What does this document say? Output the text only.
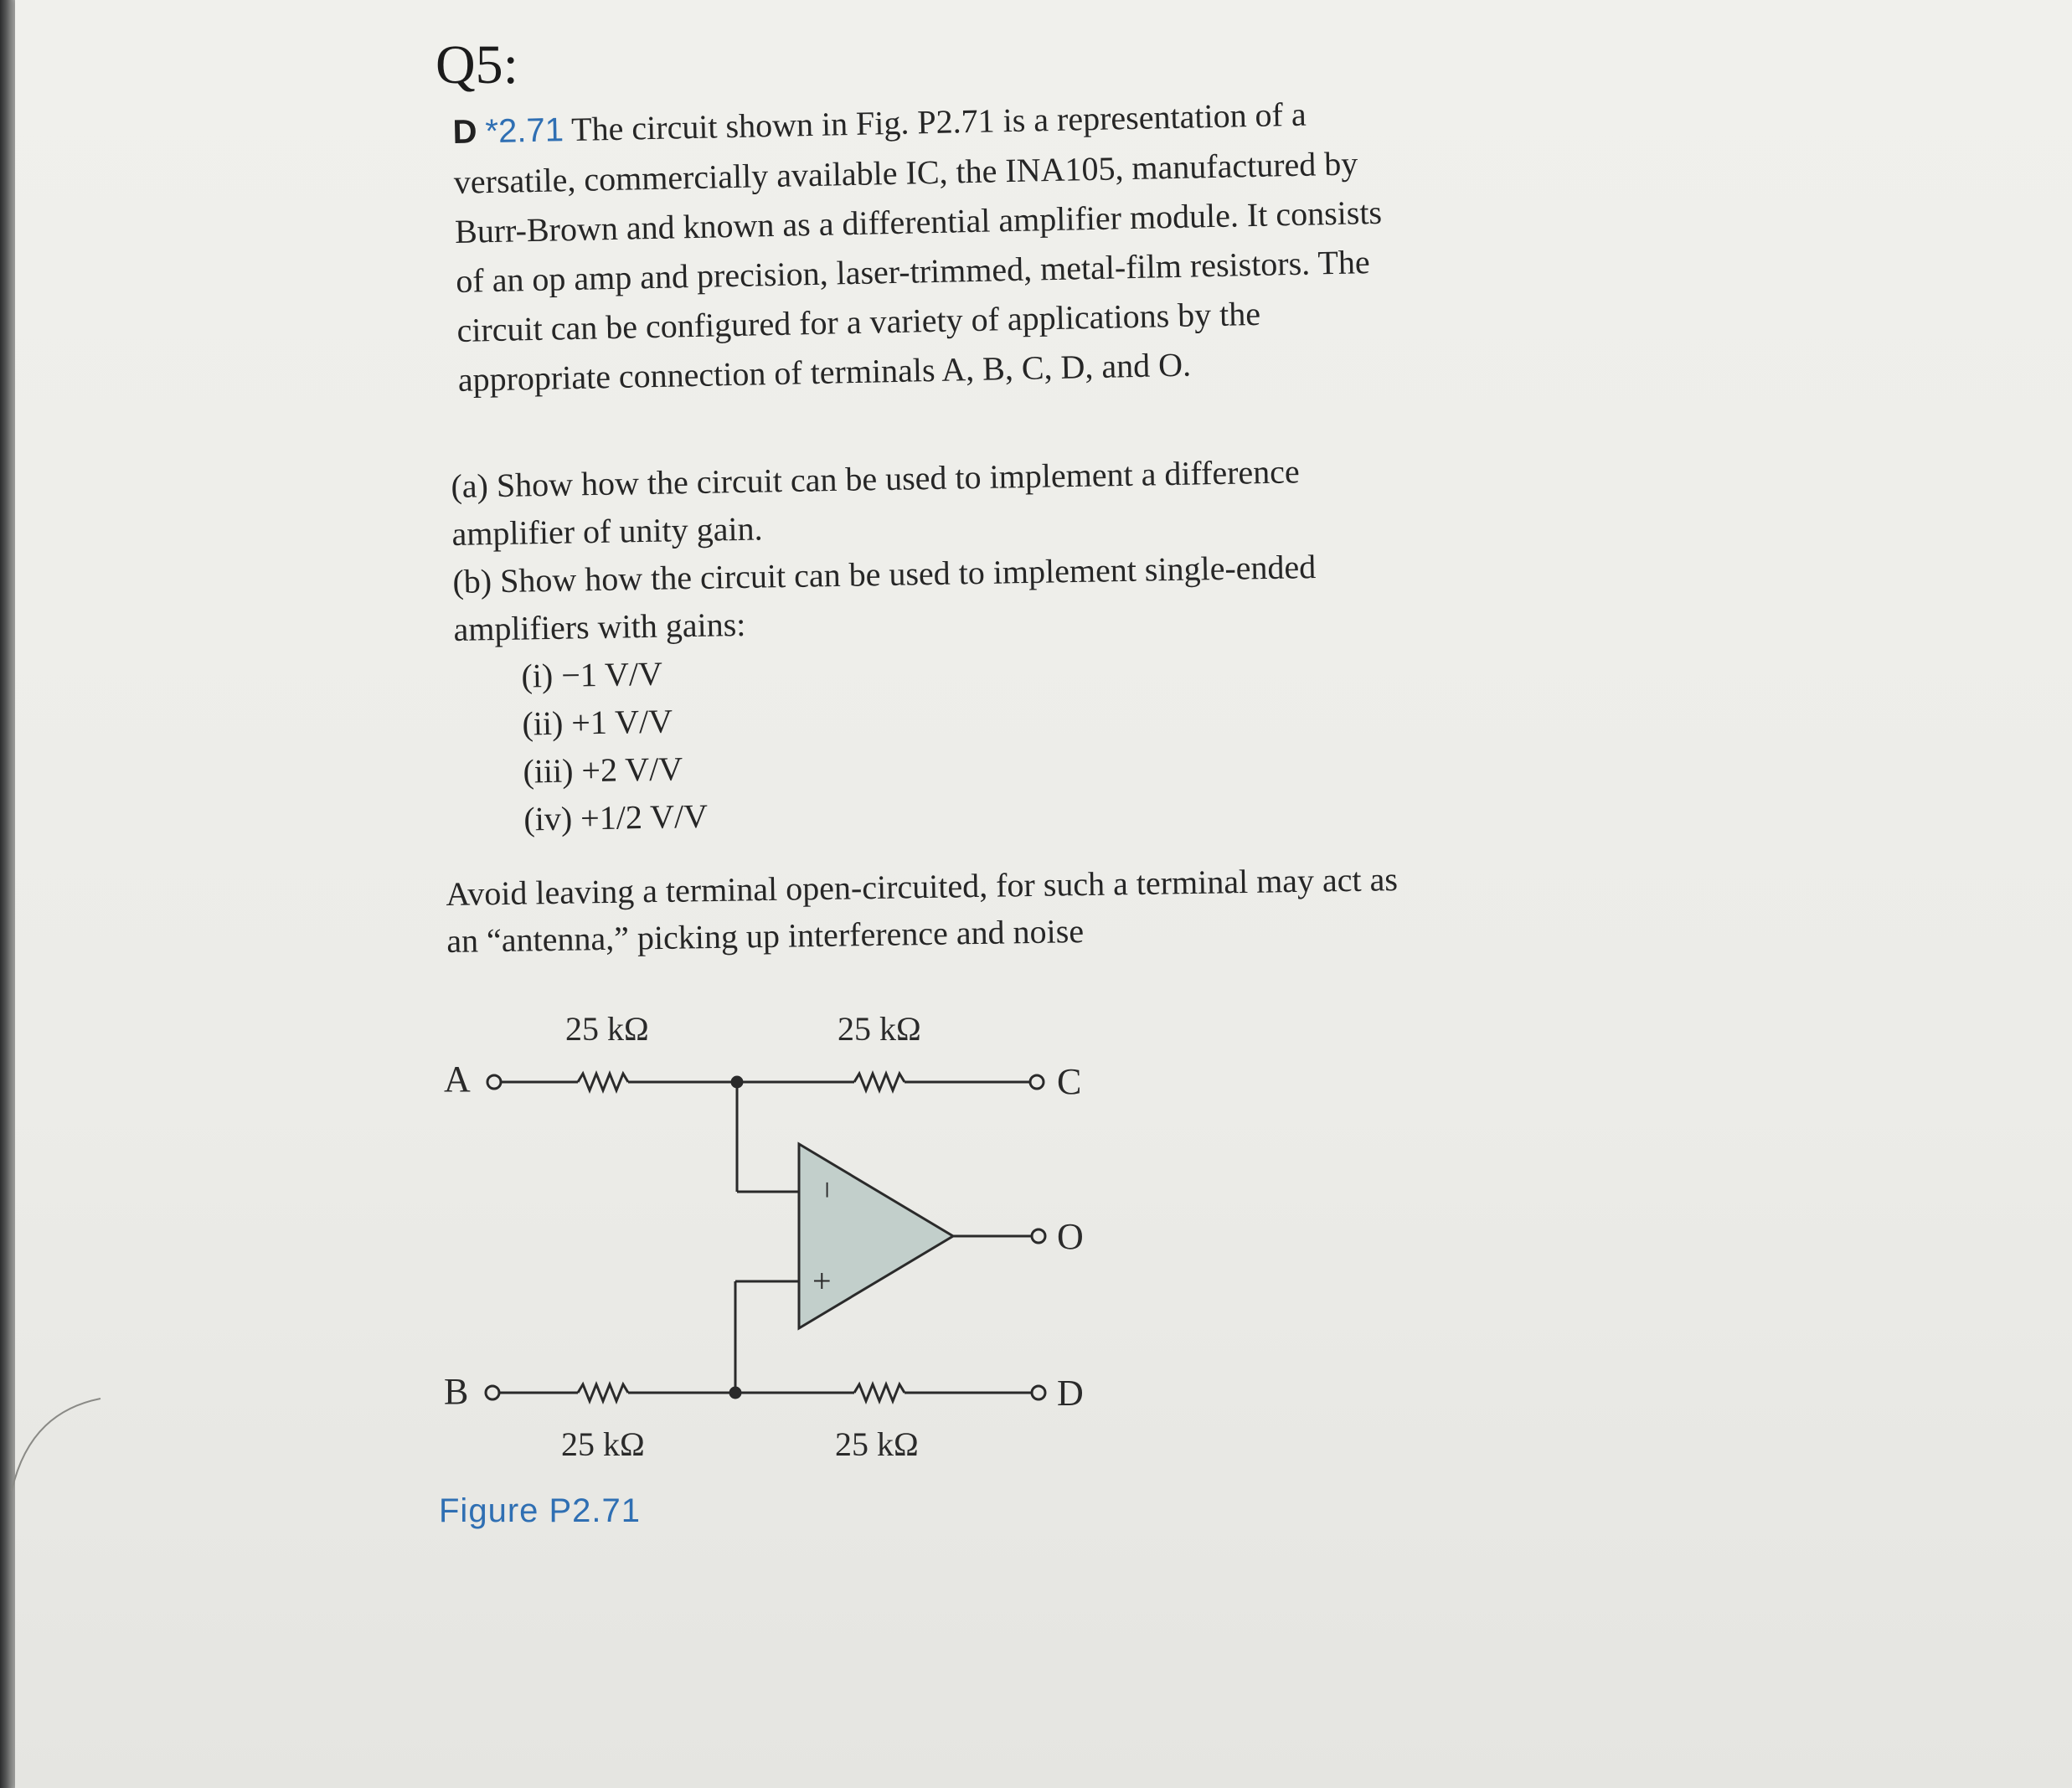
Q5:

D *2.71 The circuit shown in Fig. P2.71 is a representation of a versatile, commercially available IC, the INA105, manufactured by Burr-Brown and known as a differential amplifier module. It consists of an op amp and precision, laser-trimmed, metal-film resistors. The circuit can be configured for a variety of applications by the appropriate connection of terminals A, B, C, D, and O.

(a) Show how the circuit can be used to implement a difference amplifier of unity gain.

(b) Show how the circuit can be used to implement single-ended amplifiers with gains:

(i) −1 V/V
(ii) +1 V/V
(iii) +2 V/V
(iv) +1/2 V/V

Avoid leaving a terminal open-circuited, for such a terminal may act as an “antenna,” picking up interference and noise

25 kΩ	25 kΩ
25 kΩ	25 kΩ
A	C
−
+
O
B	D
Figure P2.71
